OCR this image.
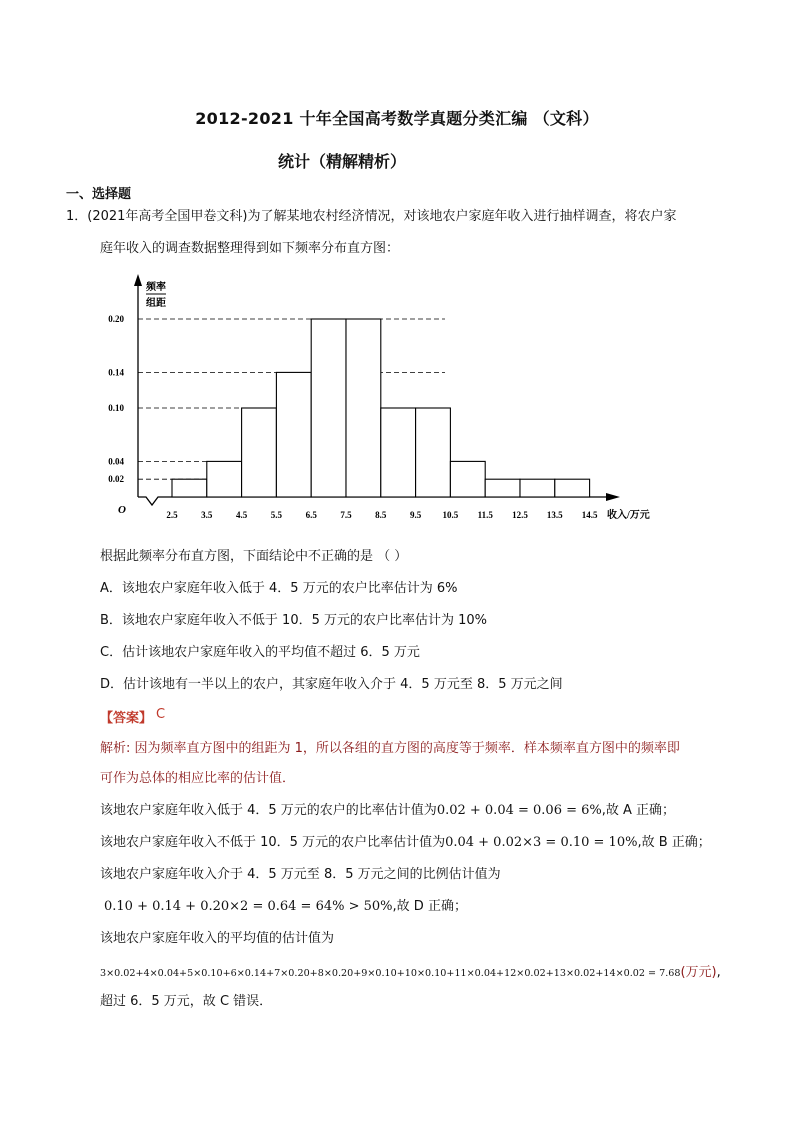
2012-2021 十年全国高考数学真题分类汇编 （文科）
统计（精解精析）
一、选择题
1．(2021年高考全国甲卷文科)为了解某地农村经济情况，对该地农户家庭年收入进行抽样调查，将农户家
庭年收入的调查数据整理得到如下频率分布直方图：
频率
组距
0.02
0.04
0.10
0.14
0.20
2.5	3.5	4.5	5.5	6.5	7.5	8.5	9.5 10.5 11.5 12.5 13.5 14.5 收入/万元
O
根据此频率分布直方图，下面结论中不正确的是 （ ）
A．该地农户家庭年收入低于 4．5 万元的农户比率估计为 6%
B．该地农户家庭年收入不低于 10．5 万元的农户比率估计为 10%
C．估计该地农户家庭年收入的平均值不超过 6．5 万元
D．估计该地有一半以上的农户，其家庭年收入介于 4．5 万元至 8．5 万元之间
【答案】 C
解析: 因为频率直方图中的组距为 1，所以各组的直方图的高度等于频率．样本频率直方图中的频率即
可作为总体的相应比率的估计值．
该地农户家庭年收入低于 4．5 万元的农户的比率估计值为0.02 + 0.04 = 0.06 = 6%,故 A 正确；
该地农户家庭年收入不低于 10．5 万元的农户比率估计值为0.04 + 0.02×3 = 0.10 = 10%,故 B 正确；
该地农户家庭年收入介于 4．5 万元至 8．5 万元之间的比例估计值为
0.10 + 0.14 + 0.20×2 = 0.64 = 64% > 50%,故 D 正确；
该地农户家庭年收入的平均值的估计值为
3×0.02+4×0.04+5×0.10+6×0.14+7×0.20+8×0.20+9×0.10+10×0.10+11×0.04+12×0.02+13×0.02+14×0.02 = 7.68(万元),
超过 6．5 万元，故 C 错误．
